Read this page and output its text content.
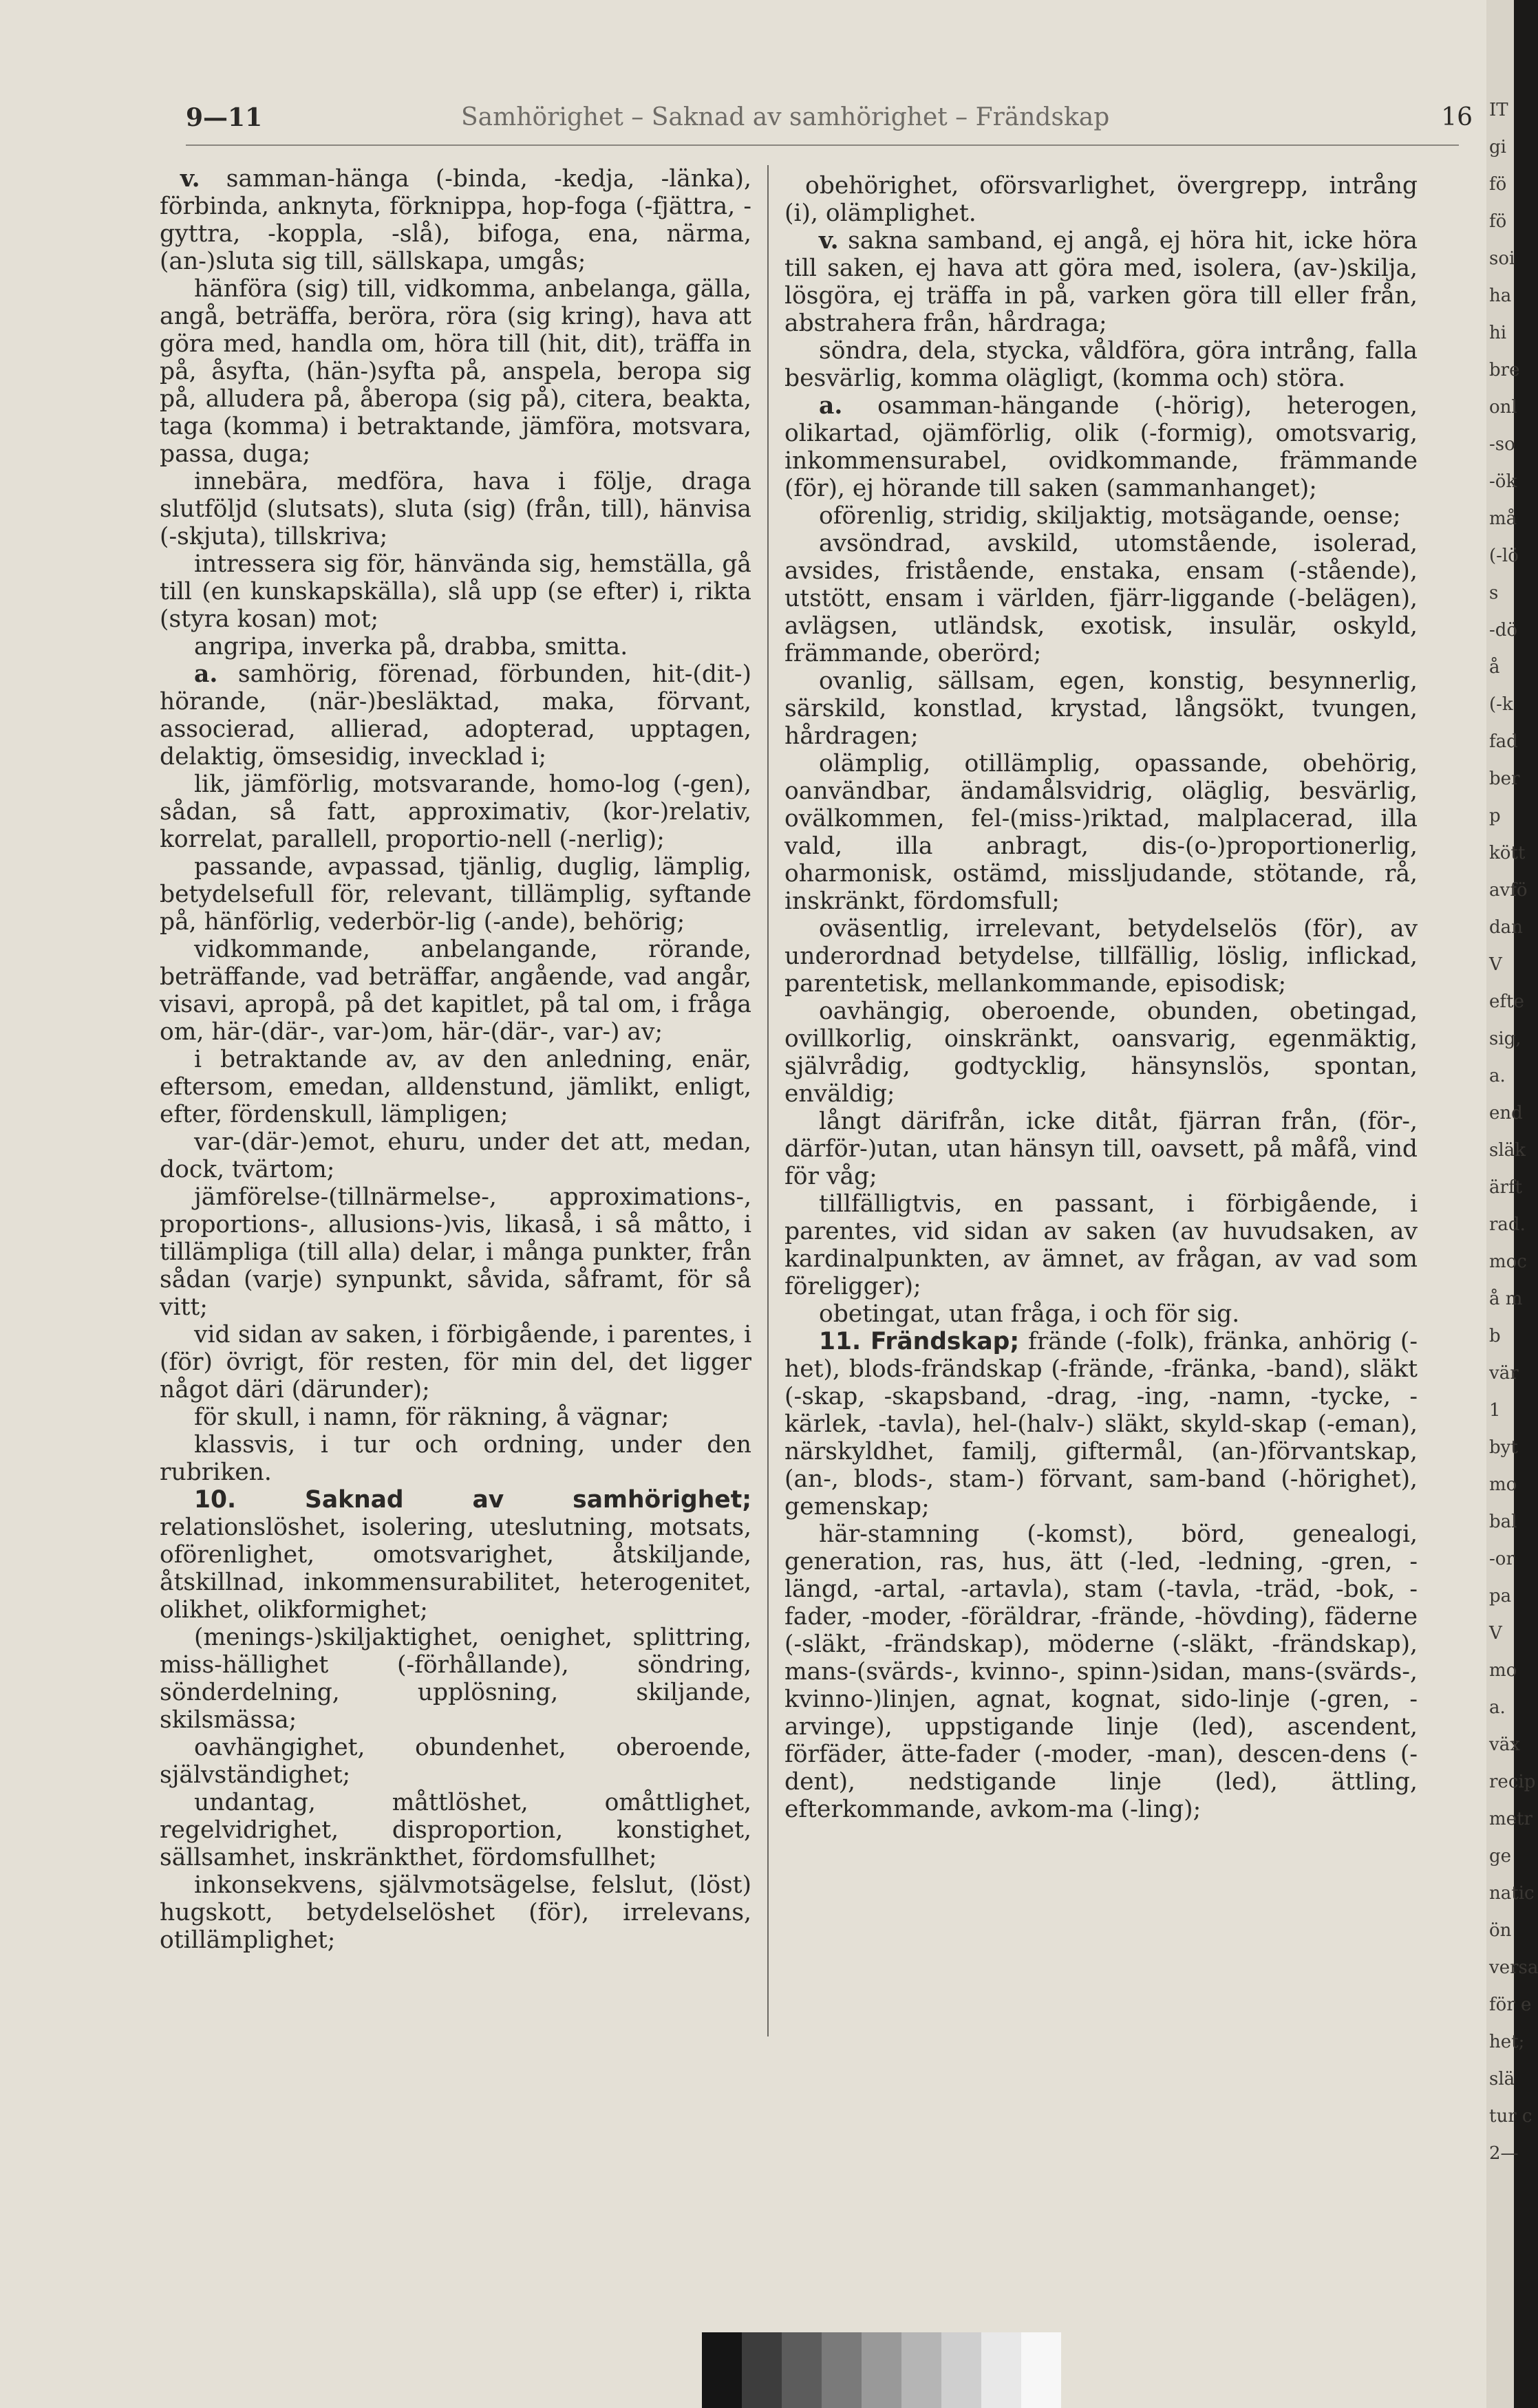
9—11	Samhörighet – Saknad av samhörighet – Frändskap	16

v. samman-hänga (-binda, -kedja, -länka), förbinda, anknyta, förknippa, hop-foga (-fjättra, -gyttra, -koppla, -slå), bifoga, ena, närma, (an-)sluta sig till, sällskapa, umgås;

hänföra (sig) till, vidkomma, anbelanga, gälla, angå, beträffa, beröra, röra (sig kring), hava att göra med, handla om, höra till (hit, dit), träffa in på, åsyfta, (hän-)syfta på, anspela, beropa sig på, alludera på, åberopa (sig på), citera, beakta, taga (komma) i betraktande, jämföra, motsvara, passa, duga;

innebära, medföra, hava i följe, draga slutföljd (slutsats), sluta (sig) (från, till), hänvisa (-skjuta), tillskriva;

intressera sig för, hänvända sig, hemställa, gå till (en kunskapskälla), slå upp (se efter) i, rikta (styra kosan) mot;

angripa, inverka på, drabba, smitta.

a. samhörig, förenad, förbunden, hit-(dit-) hörande, (när-)besläktad, maka, förvant, associerad, allierad, adopterad, upptagen, delaktig, ömsesidig, invecklad i;

lik, jämförlig, motsvarande, homo-log (-gen), sådan, så fatt, approximativ, (kor-)relativ, korrelat, parallell, proportio-nell (-nerlig);

passande, avpassad, tjänlig, duglig, lämplig, betydelsefull för, relevant, tillämplig, syftande på, hänförlig, vederbör-lig (-ande), behörig;

vidkommande, anbelangande, rörande, beträffande, vad beträffar, angående, vad angår, visavi, apropå, på det kapitlet, på tal om, i fråga om, här-(där-, var-)om, här-(där-, var-) av;

i betraktande av, av den anledning, enär, eftersom, emedan, alldenstund, jämlikt, enligt, efter, fördenskull, lämpligen;

var-(där-)emot, ehuru, under det att, medan, dock, tvärtom;

jämförelse-(tillnärmelse-, approximations-, proportions-, allusions-)vis, likaså, i så måtto, i tillämpliga (till alla) delar, i många punkter, från sådan (varje) synpunkt, såvida, såframt, för så vitt;

vid sidan av saken, i förbigående, i parentes, i (för) övrigt, för resten, för min del, det ligger något däri (därunder);

för skull, i namn, för räkning, å vägnar;

klassvis, i tur och ordning, under den rubriken.

10. Saknad av samhörighet; relationslöshet, isolering, uteslutning, motsats, oförenlighet, omotsvarighet, åtskiljande, åtskillnad, inkommensurabilitet, heterogenitet, olikhet, olikformighet;

(menings-)skiljaktighet, oenighet, splittring, miss-hällighet (-förhållande), söndring, sönderdelning, upplösning, skiljande, skilsmässa;

oavhängighet, obundenhet, oberoende, självständighet;

undantag, måttlöshet, omåttlighet, regelvidrighet, disproportion, konstighet, sällsamhet, inskränkthet, fördomsfullhet;

inkonsekvens, självmotsägelse, felslut, (löst) hugskott, betydelselöshet (för), irrelevans, otillämplighet;

obehörighet, oförsvarlighet, övergrepp, intrång (i), olämplighet.

v. sakna samband, ej angå, ej höra hit, icke höra till saken, ej hava att göra med, isolera, (av-)skilja, lösgöra, ej träffa in på, varken göra till eller från, abstrahera från, hårdraga;

söndra, dela, stycka, våldföra, göra intrång, falla besvärlig, komma olägligt, (komma och) störa.

a. osamman-hängande (-hörig), heterogen, olikartad, ojämförlig, olik (-formig), omotsvarig, inkommensurabel, ovidkommande, främmande (för), ej hörande till saken (sammanhanget);

oförenlig, stridig, skiljaktig, motsägande, oense;

avsöndrad, avskild, utomstående, isolerad, avsides, fristående, enstaka, ensam (-stående), utstött, ensam i världen, fjärr-liggande (-belägen), avlägsen, utländsk, exotisk, insulär, oskyld, främmande, oberörd;

ovanlig, sällsam, egen, konstig, besynnerlig, särskild, konstlad, krystad, långsökt, tvungen, hårdragen;

olämplig, otillämplig, opassande, obehörig, oanvändbar, ändamålsvidrig, oläglig, besvärlig, ovälkommen, fel-(miss-)riktad, malplacerad, illa vald, illa anbragt, dis-(o-)proportionerlig, oharmonisk, ostämd, missljudande, stötande, rå, inskränkt, fördomsfull;

oväsentlig, irrelevant, betydelselös (för), av underordnad betydelse, tillfällig, löslig, inflickad, parentetisk, mellankommande, episodisk;

oavhängig, oberoende, obunden, obetingad, ovillkorlig, oinskränkt, oansvarig, egenmäktig, självrådig, godtycklig, hänsynslös, spontan, enväldig;

långt därifrån, icke ditåt, fjärran från, (för-, därför-)utan, utan hänsyn till, oavsett, på måfå, vind för våg;

tillfälligtvis, en passant, i förbigående, i parentes, vid sidan av saken (av huvudsaken, av kardinalpunkten, av ämnet, av frågan, av vad som föreligger);

obetingat, utan fråga, i och för sig.

11. Frändskap; frände (-folk), fränka, anhörig (-het), blods-frändskap (-frände, -fränka, -band), släkt (-skap, -skapsband, -drag, -ing, -namn, -tycke, -kärlek, -tavla), hel-(halv-) släkt, skyld-skap (-eman), närskyldhet, familj, giftermål, (an-)förvantskap, (an-, blods-, stam-) förvant, sam-band (-hörighet), gemenskap;

här-stamning (-komst), börd, genealogi, generation, ras, hus, ätt (-led, -ledning, -gren, -längd, -artal, -artavla), stam (-tavla, -träd, -bok, -fader, -moder, -föräldrar, -frände, -hövding), fäderne (-släkt, -frändskap), möderne (-släkt, -frändskap), mans-(svärds-, kvinno-, spinn-)sidan, mans-(svärds-, kvinno-)linjen, agnat, kognat, sido-linje (-gren, -arvinge), uppstigande linje (led), ascendent, förfäder, ätte-fader (-moder, -man), descen-dens (-dent), nedstigande linje (led), ättling, efterkommande, avkom-ma (-ling);

IT
gi
fö
fö
soi
ha
hi
bre
onl
-so
-ök
må
(-lö
s
-dö
å
(-k
fad
ber
p
kött
avfö
dan
V
efte
sig,
a.
end
släk
ärft
rad.
moc
å m
b
vär
1
byt
mo
bal
-or
pa
V
mo
a.
väx
recip
metr
ge
natic
ön
versa
för e
het;
slä
tur c
2—
